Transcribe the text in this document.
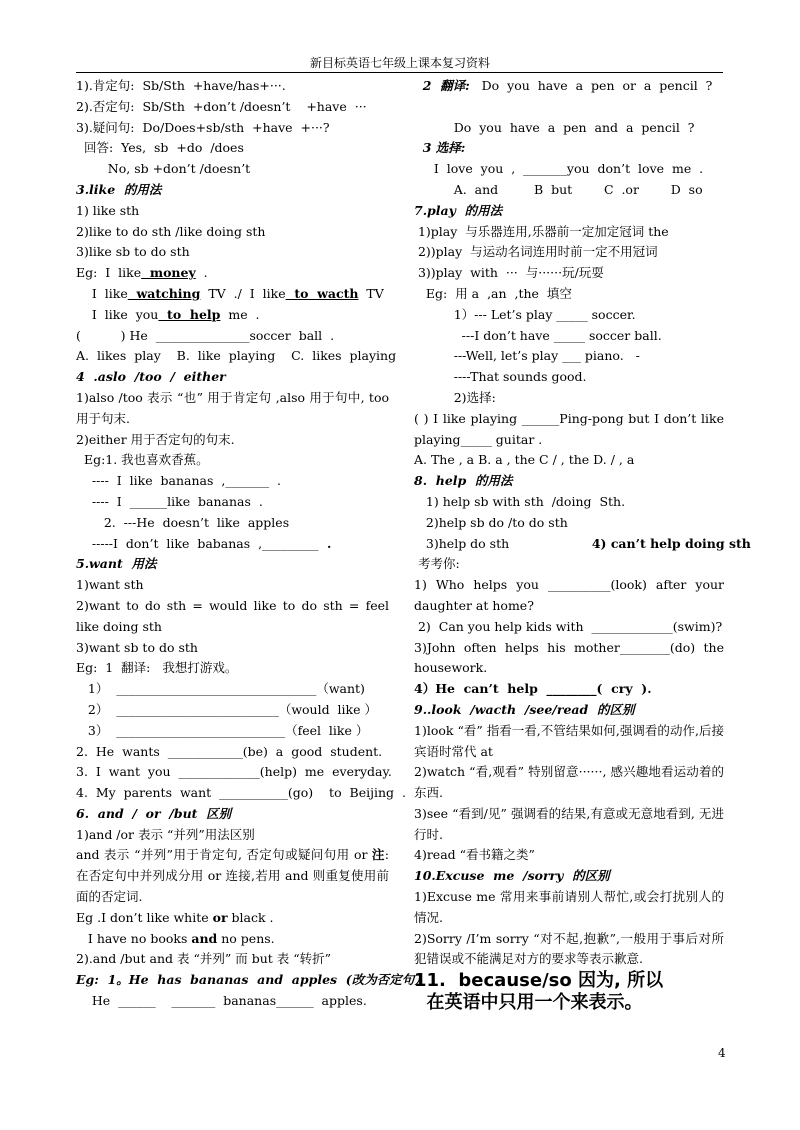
新目标英语七年级上课本复习资料
1).肯定句:  Sb/Sth  +have/has+···.
2).否定句:  Sb/Sth  +don’t /doesn’t    +have  ···
3).疑问句:  Do/Does+sb/sth  +have  +···?
回答:  Yes,  sb  +do  /does
No, sb +don’t /doesn’t
3.like  的用法
1) like sth
2)like to do sth /like doing sth
3)like sb to do sth
Eg:  I  like  money  .
I  like  watching  TV  ./  I  like  to  wacth  TV
I  like  you  to  help  me  .
(          ) He  _______________soccer  ball  .
A.  likes  play    B.  like  playing    C.  likes  playing
4  .aslo  /too  /  either
1)also /too 表示 “也” 用于肯定句 ,also 用于句中, too 用于句末.
2)either 用于否定句的句末.
Eg:1. 我也喜欢香蕉。
----  I  like  bananas  ,_______  .
----  I  ______like  bananas  .
2.  ---He  doesn’t  like  apples
-----I  don’t  like  babanas  ,_________  .
5.want  用法
1)want sth
2)want to do sth = would like to do sth = feel like doing sth
3)want sb to do sth
Eg:  1  翻译:   我想打游戏。
1）  ________________________________（want)
2）  __________________________（would  like ）
3）  ___________________________（feel  like ）
2.  He  wants  ____________(be)  a  good  student.
3.  I  want  you  _____________(help)  me  everyday.
4.  My  parents  want  ___________(go)    to  Beijing  .
6.  and  /  or  /but  区别
1)and /or 表示 “并列”用法区别
and 表示 “并列”用于肯定句, 否定句或疑问句用 or 注:在否定句中并列成分用 or 连接,若用 and 则重复使用前面的否定词.
Eg .I don’t like white or black .
I have no books and no pens.
2).and /but and 表 “并列” 而 but 表 “转折”
Eg:  1。He  has  bananas  and  apples  (改为否定句）
He  ______    _______  bananas______  apples.
2  翻译:   Do  you  have  a  pen  or  a  pencil  ?

Do  you  have  a  pen  and  a  pencil  ?
3 选择:
I  love  you  ,  _______you  don’t  love  me  .
A.  and         B  but        C  .or        D  so
7.play  的用法
1)play  与乐器连用,乐器前一定加定冠词 the
2))play  与运动名词连用时前一定不用冠词
3))play  with  ···  与······玩/玩耍
Eg:  用 a  ,an  ,the  填空
1）--- Let’s play _____ soccer.
---I don’t have _____ soccer ball.
---Well, let’s play ___ piano.   -
----That sounds good.
2)选择:
( ) I like playing ______Ping-pong but I don’t like playing_____ guitar .
A. The , a B. a , the C / , the D. / , a
8.  help  的用法
1) help sb with sth  /doing  Sth.
2)help sb do /to do sth
3)help do sth                   4) can’t help doing sth
考考你:
1) Who helps you __________(look) after your daughter at home?
2)  Can you help kids with  _____________(swim)?
3)John often helps his mother________(do) the housework.
4）He  can’t  help  ________(  cry  ).
9..look  /wacth  /see/read  的区别
1)look “看” 指看一看,不管结果如何,强调看的动作,后接宾语时常代 at
2)watch “看,观看” 特别留意······, 感兴趣地看运动着的东西.
3)see “看到/见” 强调看的结果,有意或无意地看到, 无进行时.
4)read “看书籍之类”
10.Excuse  me  /sorry  的区别
1)Excuse me 常用来事前请别人帮忙,或会打扰别人的情况.
2)Sorry /I’m sorry “对不起,抱歉”,一般用于事后对所犯错误或不能满足对方的要求等表示歉意.
11.  because/so 因为, 所以
在英语中只用一个来表示。
4
